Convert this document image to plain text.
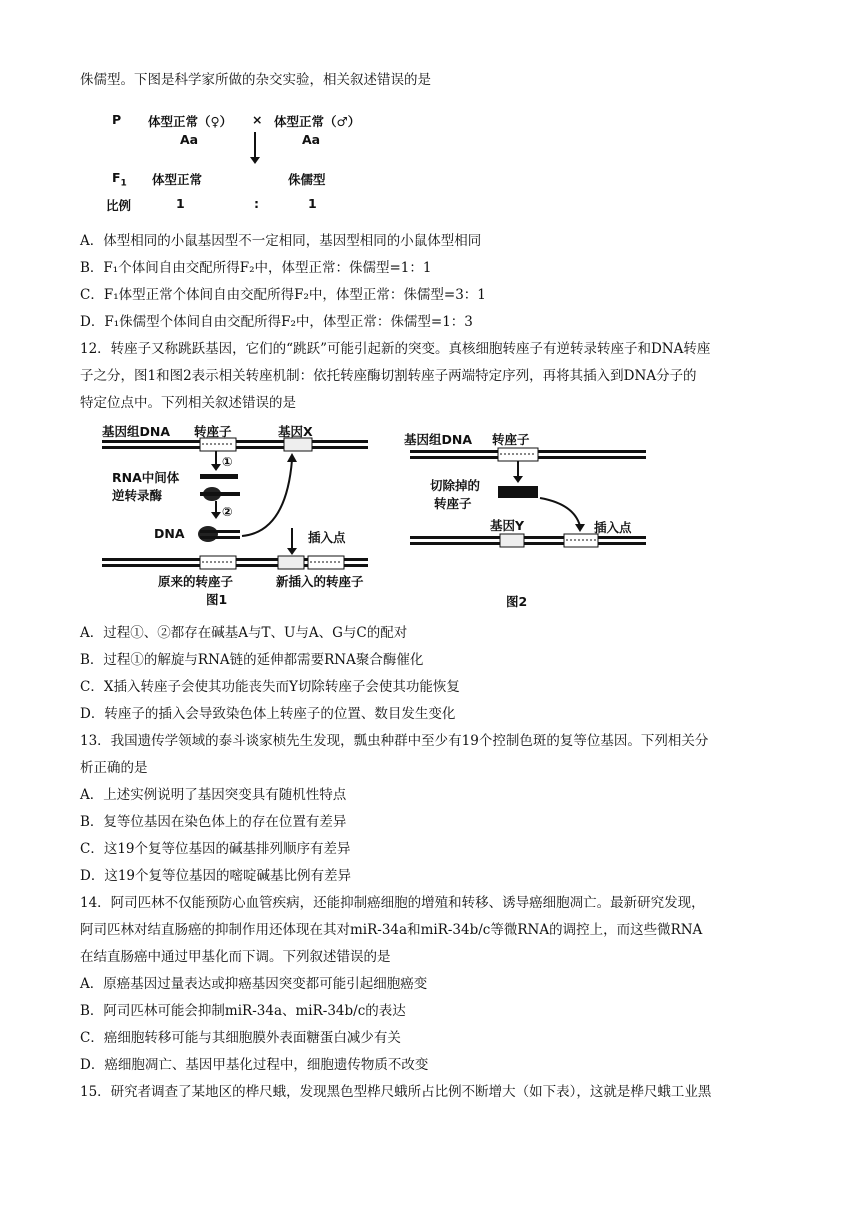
侏儒型。下图是科学家所做的杂交实验，相关叙述错误的是
P 体型正常（♀） × 体型正常（♂）
Aa	Aa
$F_1$ 体型正常	侏儒型
比例	1	:	1
A．体型相同的小鼠基因型不一定相同，基因型相同的小鼠体型相同
B．F₁个体间自由交配所得F₂中，体型正常：侏儒型=1：1
C．F₁体型正常个体间自由交配所得F₂中，体型正常：侏儒型=3：1
D．F₁侏儒型个体间自由交配所得F₂中，体型正常：侏儒型=1：3
12．转座子又称跳跃基因，它们的“跳跃”可能引起新的突变。真核细胞转座子有逆转录转座子和DNA转座
子之分，图1和图2表示相关转座机制：依托转座酶切割转座子两端特定序列，再将其插入到DNA分子的
特定位点中。下列相关叙述错误的是
基因组DNA 转座子	基因X
①
RNA中间体
逆转录酶
②
DNA	插入点
原来的转座子	新插入的转座子
图1
基因组DNA 转座子
切除掉的
转座子
基因Y	插入点
图2
A．过程①、②都存在碱基A与T、U与A、G与C的配对
B．过程①的解旋与RNA链的延伸都需要RNA聚合酶催化
C．X插入转座子会使其功能丧失而Y切除转座子会使其功能恢复
D．转座子的插入会导致染色体上转座子的位置、数目发生变化
13．我国遗传学领域的泰斗谈家桢先生发现，瓢虫种群中至少有19个控制色斑的复等位基因。下列相关分
析正确的是
A．上述实例说明了基因突变具有随机性特点
B．复等位基因在染色体上的存在位置有差异
C．这19个复等位基因的碱基排列顺序有差异
D．这19个复等位基因的嘧啶碱基比例有差异
14．阿司匹林不仅能预防心血管疾病，还能抑制癌细胞的增殖和转移、诱导癌细胞凋亡。最新研究发现，
阿司匹林对结直肠癌的抑制作用还体现在其对miR-34a和miR-34b/c等微RNA的调控上，而这些微RNA
在结直肠癌中通过甲基化而下调。下列叙述错误的是
A．原癌基因过量表达或抑癌基因突变都可能引起细胞癌变
B．阿司匹林可能会抑制miR-34a、miR-34b/c的表达
C．癌细胞转移可能与其细胞膜外表面糖蛋白减少有关
D．癌细胞凋亡、基因甲基化过程中，细胞遗传物质不改变
15．研究者调查了某地区的桦尺蛾，发现黑色型桦尺蛾所占比例不断增大（如下表），这就是桦尺蛾工业黑
